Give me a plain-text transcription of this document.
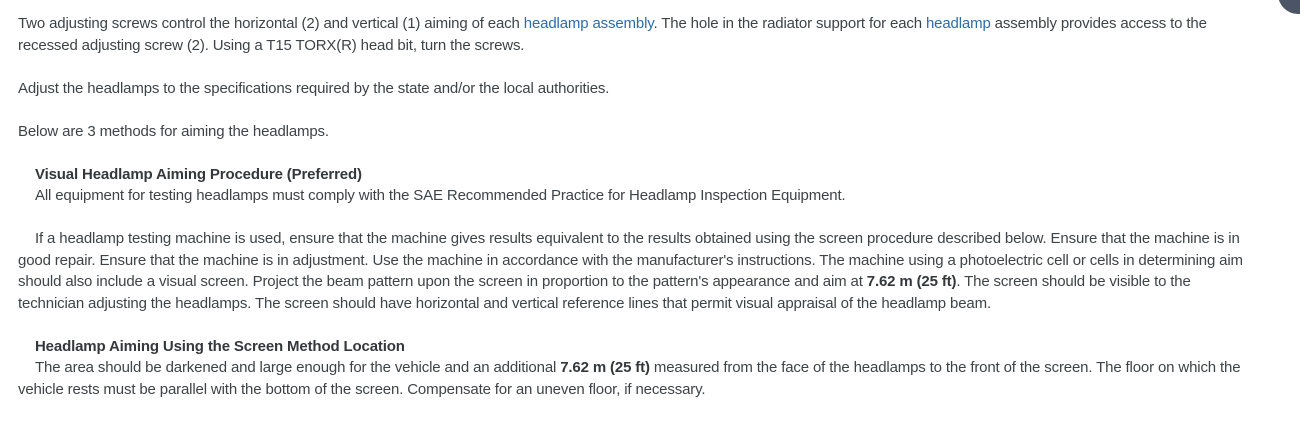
Two adjusting screws control the horizontal (2) and vertical (1) aiming of each headlamp assembly. The hole in the radiator support for each headlamp assembly provides access to the recessed adjusting screw (2). Using a T15 TORX(R) head bit, turn the screws.

Adjust the headlamps to the specifications required by the state and/or the local authorities.

Below are 3 methods for aiming the headlamps.

Visual Headlamp Aiming Procedure (Preferred)
All equipment for testing headlamps must comply with the SAE Recommended Practice for Headlamp Inspection Equipment.

If a headlamp testing machine is used, ensure that the machine gives results equivalent to the results obtained using the screen procedure described below. Ensure that the machine is in good repair. Ensure that the machine is in adjustment. Use the machine in accordance with the manufacturer's instructions. The machine using a photoelectric cell or cells in determining aim should also include a visual screen. Project the beam pattern upon the screen in proportion to the pattern's appearance and aim at 7.62 m (25 ft). The screen should be visible to the technician adjusting the headlamps. The screen should have horizontal and vertical reference lines that permit visual appraisal of the headlamp beam.

Headlamp Aiming Using the Screen Method Location
The area should be darkened and large enough for the vehicle and an additional 7.62 m (25 ft) measured from the face of the headlamps to the front of the screen. The floor on which the vehicle rests must be parallel with the bottom of the screen. Compensate for an uneven floor, if necessary.
